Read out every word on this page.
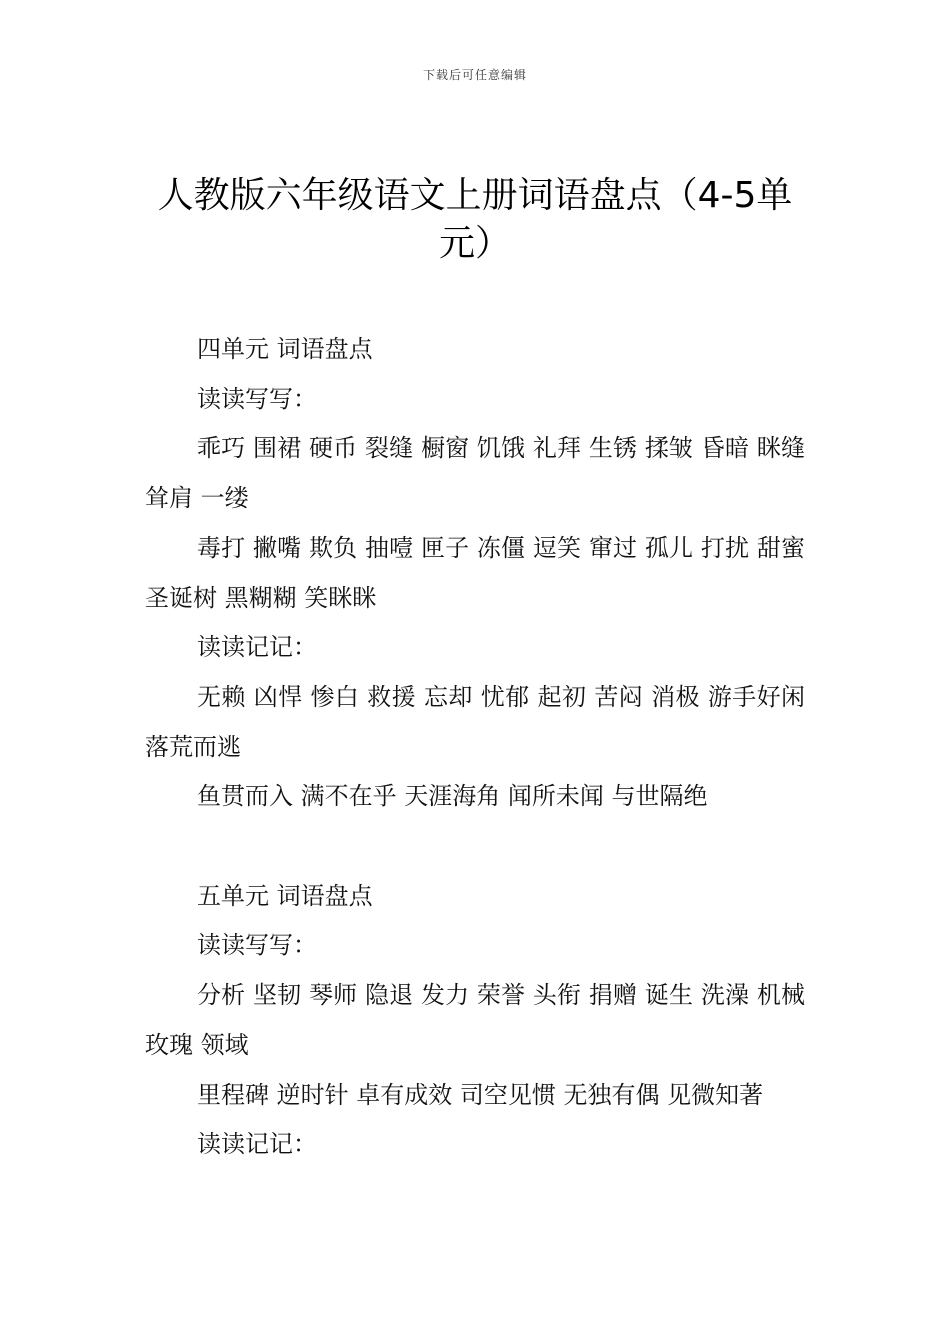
下载后可任意编辑
人教版六年级语文上册词语盘点（4-5单元）

四单元 词语盘点

读读写写：

乖巧 围裙 硬币 裂缝 橱窗 饥饿 礼拜 生锈 揉皱 昏暗 眯缝 耸肩 一缕

毒打 撇嘴 欺负 抽噎 匣子 冻僵 逗笑 窜过 孤儿 打扰 甜蜜 圣诞树 黑糊糊 笑眯眯

读读记记：

无赖 凶悍 惨白 救援 忘却 忧郁 起初 苦闷 消极 游手好闲 落荒而逃

鱼贯而入 满不在乎 天涯海角 闻所未闻 与世隔绝

五单元 词语盘点

读读写写：

分析 坚韧 琴师 隐退 发力 荣誉 头衔 捐赠 诞生 洗澡 机械 玫瑰 领域

里程碑 逆时针 卓有成效 司空见惯 无独有偶 见微知著

读读记记：
